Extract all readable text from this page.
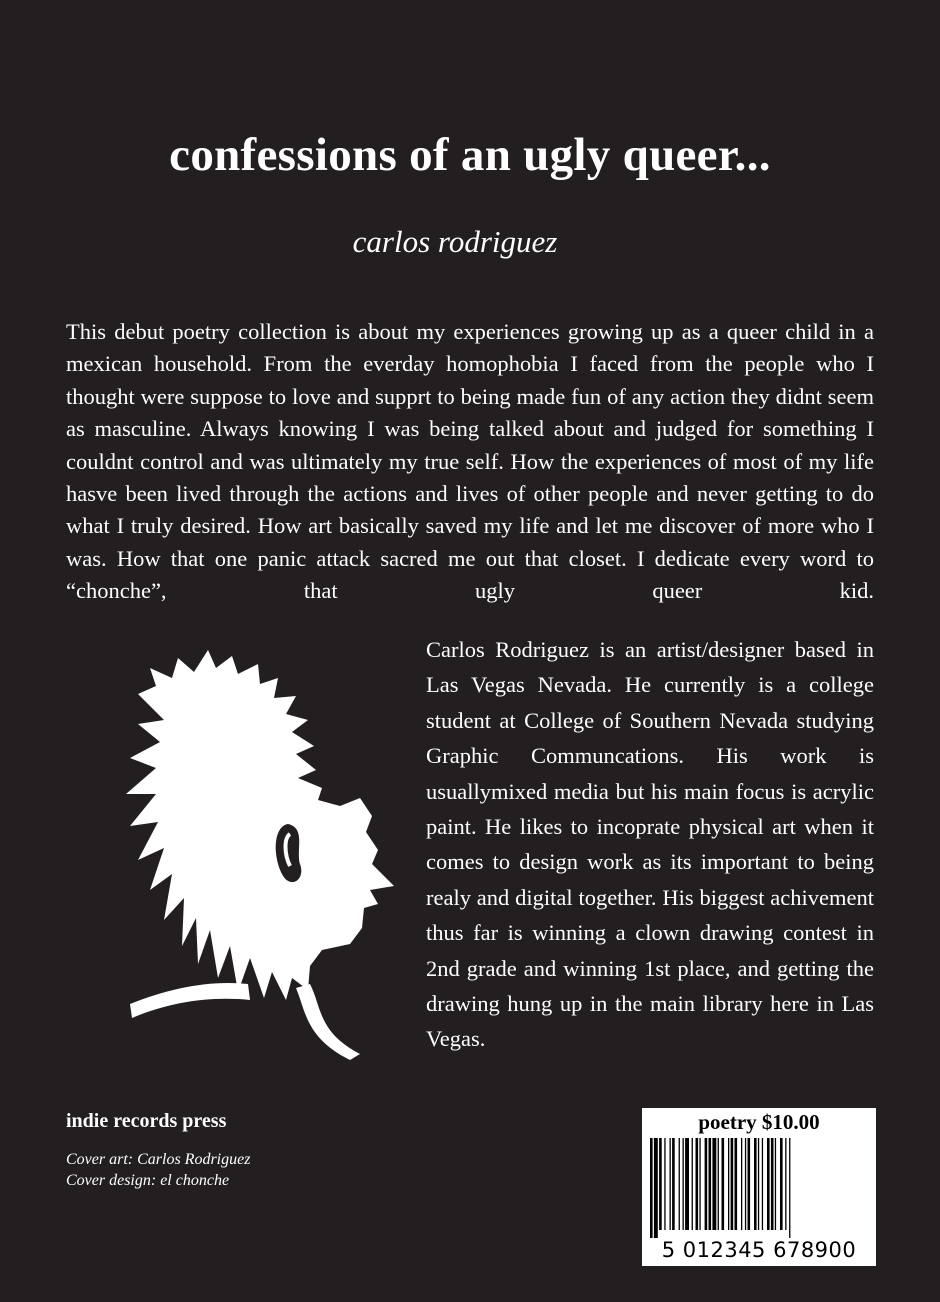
confessions of an ugly queer...
carlos rodriguez

This debut poetry collection is about my experiences growing up as a queer child in a mexican household. From the everday homophobia I faced from the people who I thought were suppose to love and supprt to being made fun of any action they didnt seem as masculine. Always knowing I was being talked about and judged for something I couldnt control and was ultimately my true self. How the experiences of most of my life hasve been lived through the actions and lives of other people and never getting to do what I truly desired. How art basically saved my life and let me discover of more who I was. How that one panic attack sacred me out that closet. I dedicate every word to “chonche”, that ugly queer kid.

Carlos Rodriguez is an artist/designer based in Las Vegas Nevada. He currently is a college student at College of Southern Nevada studying Graphic Communcations. His work is usuallymixed media but his main focus is acrylic paint. He likes to incoprate physical art when it comes to design work as its important to being realy and digital together. His biggest achivement thus far is winning a clown drawing contest in 2nd grade and winning 1st place, and getting the drawing hung up in the main library here in Las Vegas.

indie records press
Cover art: Carlos Rodriguez
Cover design: el chonche
poetry $10.00
5 012345 678900
